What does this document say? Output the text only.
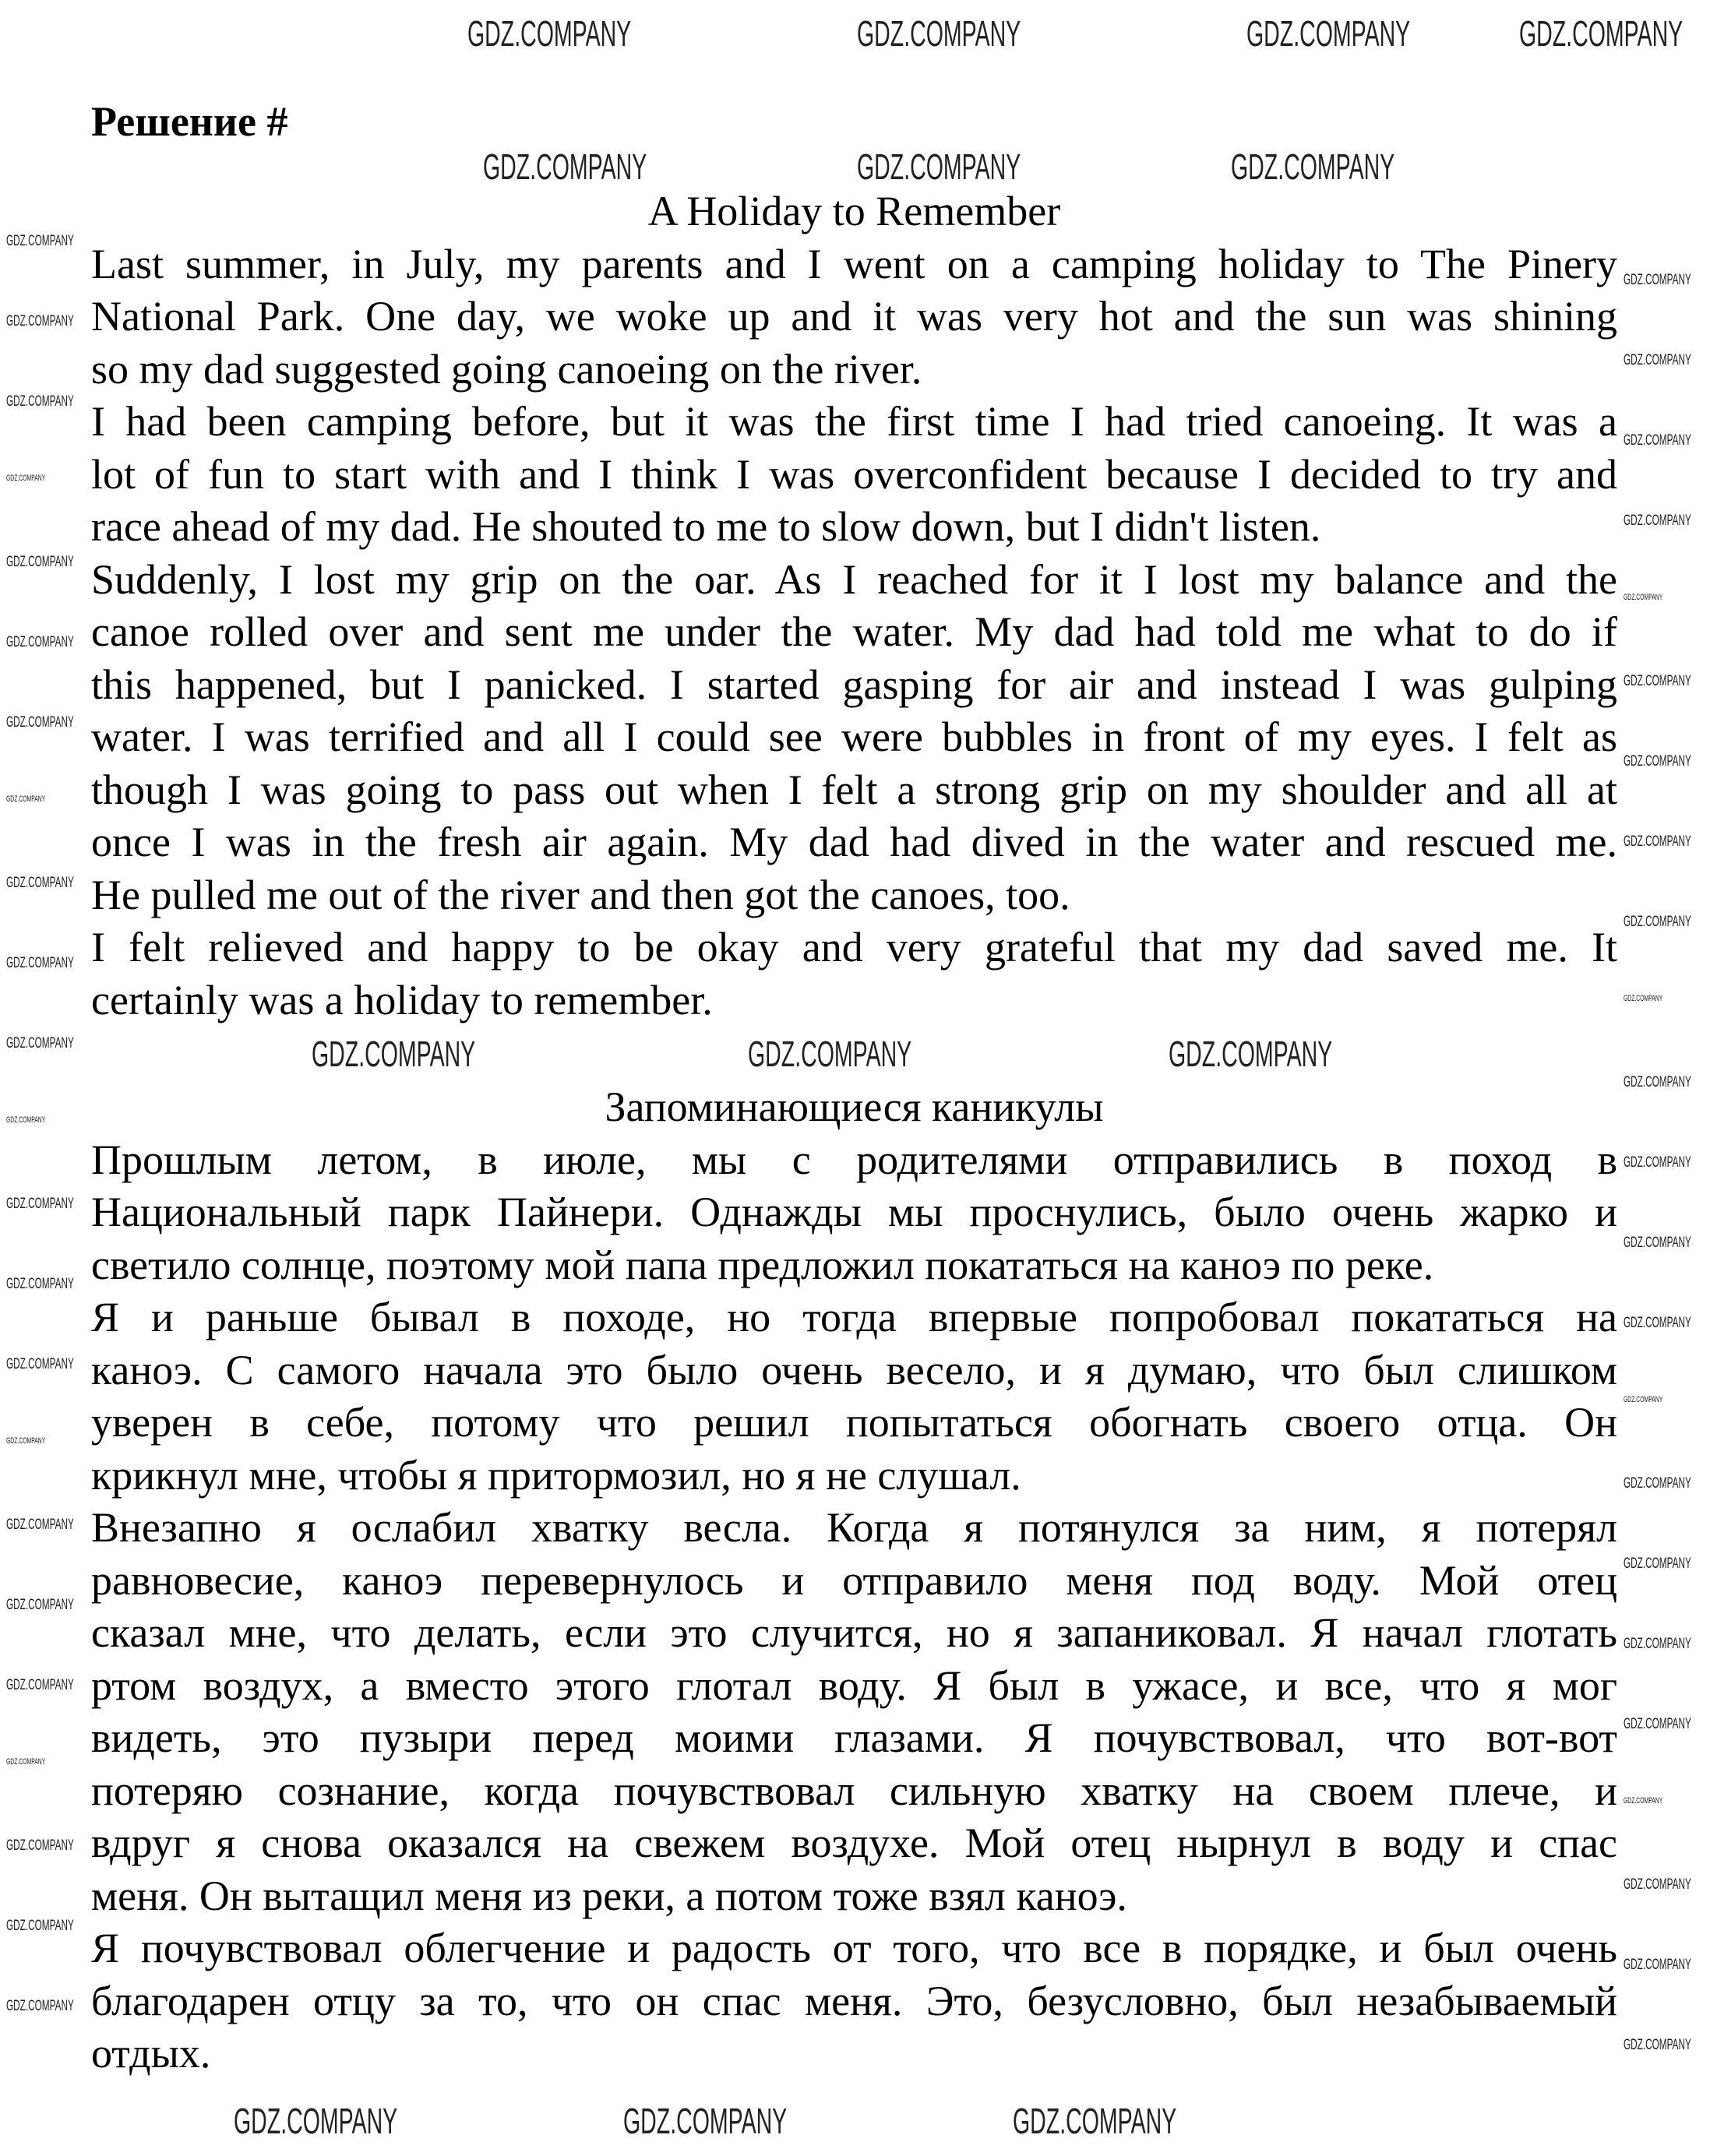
Решение #
A Holiday to Remember
Last summer, in July, my parents and I went on a camping holiday to The Pinery
National Park. One day, we woke up and it was very hot and the sun was shining
so my dad suggested going canoeing on the river.
I had been camping before, but it was the first time I had tried canoeing. It was a
lot of fun to start with and I think I was overconfident because I decided to try and
race ahead of my dad. He shouted to me to slow down, but I didn't listen.
Suddenly, I lost my grip on the oar. As I reached for it I lost my balance and the
canoe rolled over and sent me under the water. My dad had told me what to do if
this happened, but I panicked. I started gasping for air and instead I was gulping
water. I was terrified and all I could see were bubbles in front of my eyes. I felt as
though I was going to pass out when I felt a strong grip on my shoulder and all at
once I was in the fresh air again. My dad had dived in the water and rescued me.
He pulled me out of the river and then got the canoes, too.
I felt relieved and happy to be okay and very grateful that my dad saved me. It
certainly was a holiday to remember.
Запоминающиеся каникулы
Прошлым летом, в июле, мы с родителями отправились в поход в
Национальный парк Пайнери. Однажды мы проснулись, было очень жарко и
светило солнце, поэтому мой папа предложил покататься на каноэ по реке.
Я и раньше бывал в походе, но тогда впервые попробовал покататься на
каноэ. С самого начала это было очень весело, и я думаю, что был слишком
уверен в себе, потому что решил попытаться обогнать своего отца. Он
крикнул мне, чтобы я притормозил, но я не слушал.
Внезапно я ослабил хватку весла. Когда я потянулся за ним, я потерял
равновесие, каноэ перевернулось и отправило меня под воду. Мой отец
сказал мне, что делать, если это случится, но я запаниковал. Я начал глотать
ртом воздух, а вместо этого глотал воду. Я был в ужасе, и все, что я мог
видеть, это пузыри перед моими глазами. Я почувствовал, что вот-вот
потеряю сознание, когда почувствовал сильную хватку на своем плече, и
вдруг я снова оказался на свежем воздухе. Мой отец нырнул в воду и спас
меня. Он вытащил меня из реки, а потом тоже взял каноэ.
Я почувствовал облегчение и радость от того, что все в порядке, и был очень
благодарен отцу за то, что он спас меня. Это, безусловно, был незабываемый
отдых.
GDZ.COMPANY	GDZ.COMPANY	GDZ.COMPANY	GDZ.COMPANY
GDZ.COMPANY	GDZ.COMPANY	GDZ.COMPANY
GDZ.COMPANY	GDZ.COMPANY	GDZ.COMPANY
GDZ.COMPANY	GDZ.COMPANY	GDZ.COMPANY
GDZ.COMPANY
GDZ.COMPANY
GDZ.COMPANY
GDZ.COMPANY
GDZ.COMPANY
GDZ.COMPANY
GDZ.COMPANY
GDZ.COMPANY
GDZ.COMPANY
GDZ.COMPANY
GDZ.COMPANY
GDZ.COMPANY
GDZ.COMPANY
GDZ.COMPANY
GDZ.COMPANY
GDZ.COMPANY
GDZ.COMPANY
GDZ.COMPANY
GDZ.COMPANY
GDZ.COMPANY
GDZ.COMPANY
GDZ.COMPANY
GDZ.COMPANY
GDZ.COMPANY
GDZ.COMPANY
GDZ.COMPANY
GDZ.COMPANY
GDZ.COMPANY
GDZ.COMPANY
GDZ.COMPANY
GDZ.COMPANY
GDZ.COMPANY
GDZ.COMPANY
GDZ.COMPANY
GDZ.COMPANY
GDZ.COMPANY
GDZ.COMPANY
GDZ.COMPANY
GDZ.COMPANY
GDZ.COMPANY
GDZ.COMPANY
GDZ.COMPANY
GDZ.COMPANY
GDZ.COMPANY
GDZ.COMPANY
GDZ.COMPANY
